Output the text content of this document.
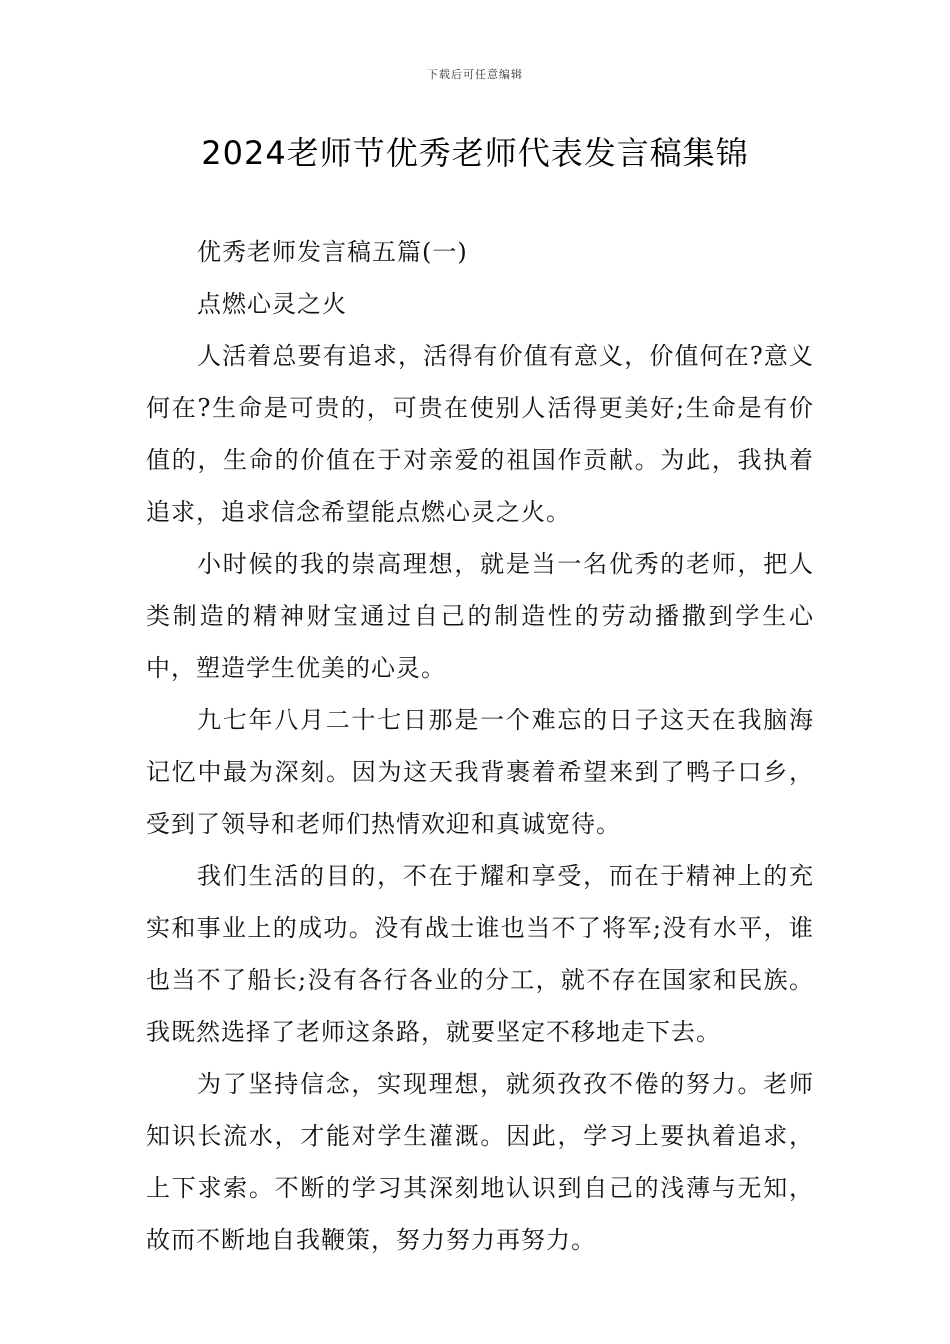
下载后可任意编辑
2024老师节优秀老师代表发言稿集锦

优秀老师发言稿五篇(一)

点燃心灵之火

人活着总要有追求，活得有价值有意义，价值何在?意义何在?生命是可贵的，可贵在使别人活得更美好;生命是有价值的，生命的价值在于对亲爱的祖国作贡献。为此，我执着追求，追求信念希望能点燃心灵之火。

小时候的我的崇高理想，就是当一名优秀的老师，把人类制造的精神财宝通过自己的制造性的劳动播撒到学生心中，塑造学生优美的心灵。

九七年八月二十七日那是一个难忘的日子这天在我脑海记忆中最为深刻。因为这天我背裹着希望来到了鸭子口乡，受到了领导和老师们热情欢迎和真诚宽待。

我们生活的目的，不在于耀和享受，而在于精神上的充实和事业上的成功。没有战士谁也当不了将军;没有水平，谁也当不了船长;没有各行各业的分工，就不存在国家和民族。我既然选择了老师这条路，就要坚定不移地走下去。

为了坚持信念，实现理想，就须孜孜不倦的努力。老师知识长流水，才能对学生灌溉。因此，学习上要执着追求，上下求索。不断的学习其深刻地认识到自己的浅薄与无知，故而不断地自我鞭策，努力努力再努力。
